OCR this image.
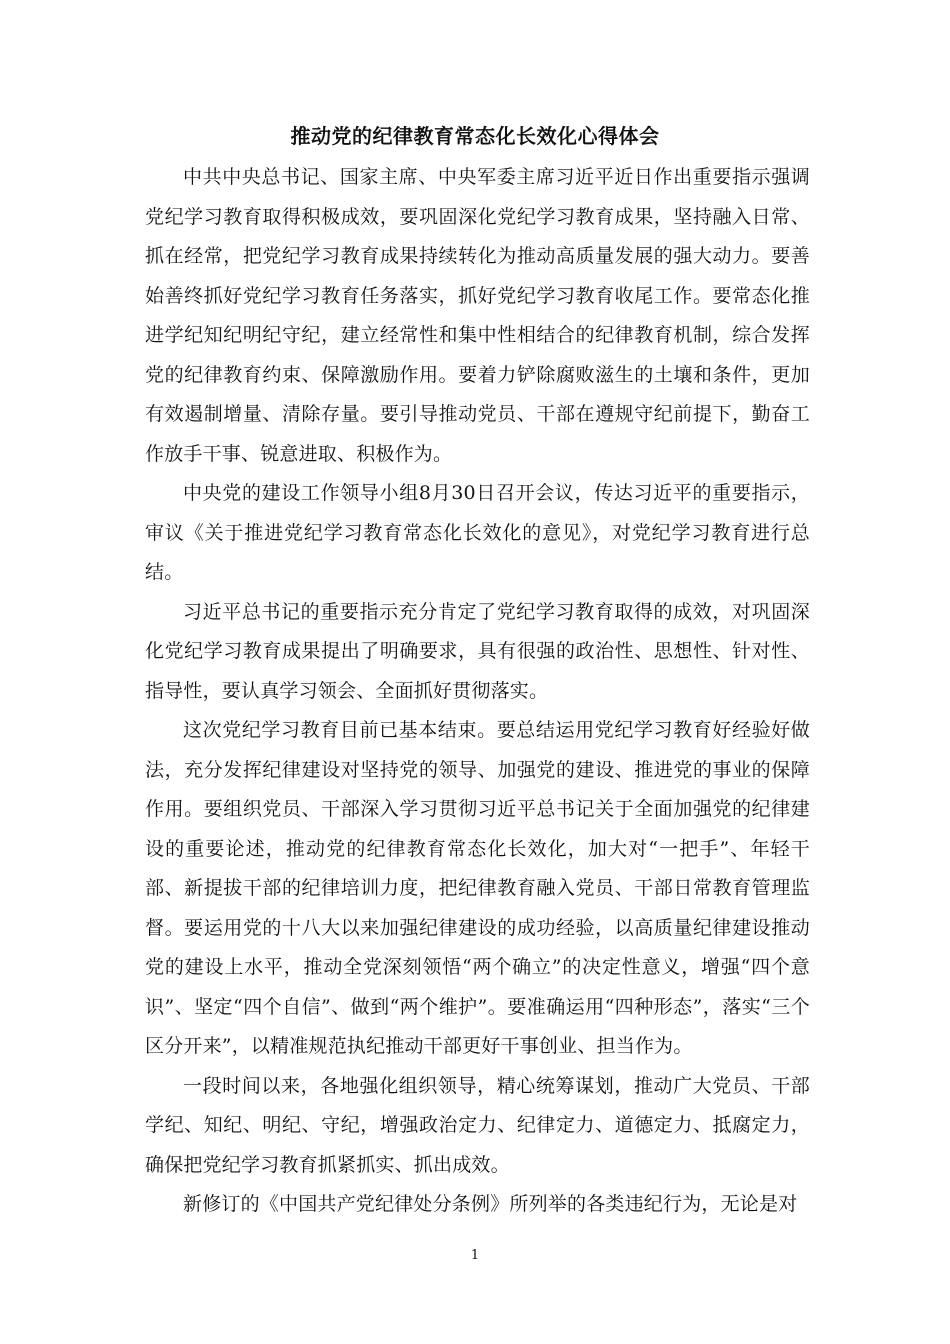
推动党的纪律教育常态化长效化心得体会

中共中央总书记、国家主席、中央军委主席习近平近日作出重要指示强调党纪学习教育取得积极成效，要巩固深化党纪学习教育成果，坚持融入日常、抓在经常，把党纪学习教育成果持续转化为推动高质量发展的强大动力。要善始善终抓好党纪学习教育任务落实，抓好党纪学习教育收尾工作。要常态化推进学纪知纪明纪守纪，建立经常性和集中性相结合的纪律教育机制，综合发挥党的纪律教育约束、保障激励作用。要着力铲除腐败滋生的土壤和条件，更加有效遏制增量、清除存量。要引导推动党员、干部在遵规守纪前提下，勤奋工作放手干事、锐意进取、积极作为。

中央党的建设工作领导小组8月30日召开会议，传达习近平的重要指示，审议《关于推进党纪学习教育常态化长效化的意见》，对党纪学习教育进行总结。

习近平总书记的重要指示充分肯定了党纪学习教育取得的成效，对巩固深化党纪学习教育成果提出了明确要求，具有很强的政治性、思想性、针对性、指导性，要认真学习领会、全面抓好贯彻落实。

这次党纪学习教育目前已基本结束。要总结运用党纪学习教育好经验好做法，充分发挥纪律建设对坚持党的领导、加强党的建设、推进党的事业的保障作用。要组织党员、干部深入学习贯彻习近平总书记关于全面加强党的纪律建设的重要论述，推动党的纪律教育常态化长效化，加大对“一把手”、年轻干部、新提拔干部的纪律培训力度，把纪律教育融入党员、干部日常教育管理监督。要运用党的十八大以来加强纪律建设的成功经验，以高质量纪律建设推动党的建设上水平，推动全党深刻领悟“两个确立”的决定性意义，增强“四个意识”、坚定“四个自信”、做到“两个维护”。要准确运用“四种形态”，落实“三个区分开来”，以精准规范执纪推动干部更好干事创业、担当作为。

一段时间以来，各地强化组织领导，精心统筹谋划，推动广大党员、干部学纪、知纪、明纪、守纪，增强政治定力、纪律定力、道德定力、抵腐定力，确保把党纪学习教育抓紧抓实、抓出成效。

新修订的《中国共产党纪律处分条例》所列举的各类违纪行为，无论是对

1
